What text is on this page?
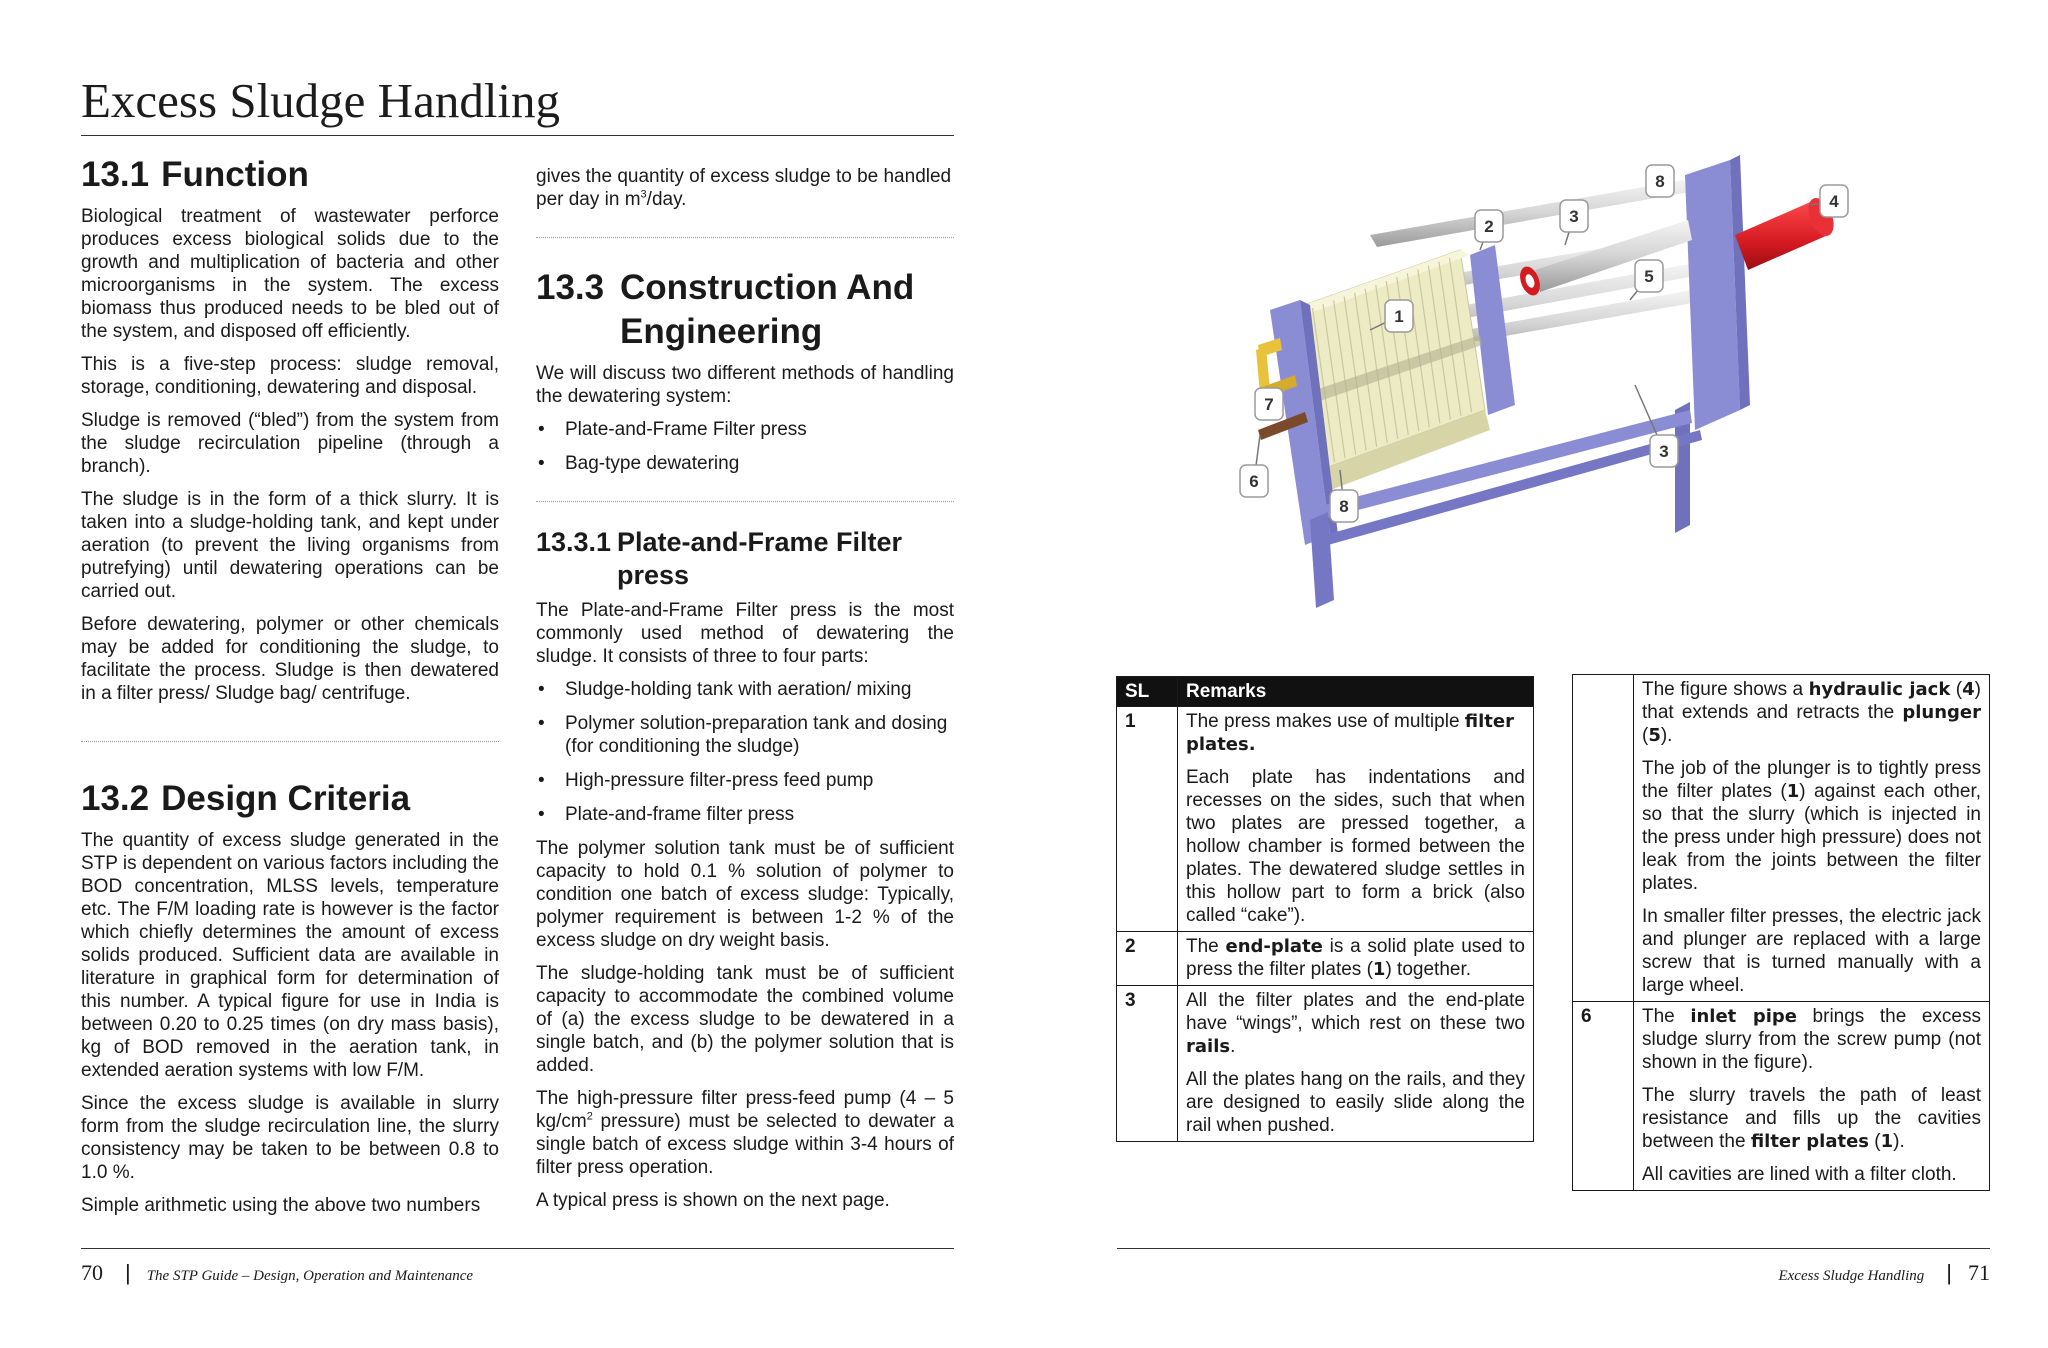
Excess Sludge Handling
13.1 Function

Biological treatment of wastewater perforce produces excess biological solids due to the growth and multiplication of bacteria and other microorganisms in the system. The excess biomass thus produced needs to be bled out of the system, and disposed off efficiently.

This is a five-step process: sludge removal, storage, conditioning, dewatering and disposal.

Sludge is removed (“bled”) from the system from the sludge recirculation pipeline (through a branch).

The sludge is in the form of a thick slurry. It is taken into a sludge-holding tank, and kept under aeration (to prevent the living organisms from putrefying) until dewatering operations can be carried out.

Before dewatering, polymer or other chemicals may be added for conditioning the sludge, to facilitate the process. Sludge is then dewatered in a filter press/ Sludge bag/ centrifuge.

13.2 Design Criteria

The quantity of excess sludge generated in the STP is dependent on various factors including the BOD concentration, MLSS levels, temperature etc. The F/M loading rate is however is the factor which chiefly determines the amount of excess solids produced. Sufficient data are available in literature in graphical form for determination of this number. A typical figure for use in India is between 0.20 to 0.25 times (on dry mass basis), kg of BOD removed in the aeration tank, in extended aeration systems with low F/M.

Since the excess sludge is available in slurry form from the sludge recirculation line, the slurry consistency may be taken to be between 0.8 to 1.0 %.

Simple arithmetic using the above two numbers

gives the quantity of excess sludge to be handled per day in $m^3$/day.

13.3 Construction And Engineering

We will discuss two different methods of handling the dewatering system:

• Plate-and-Frame Filter press
• Bag-type dewatering
13.3.1 Plate-and-Frame Filter press

The Plate-and-Frame Filter press is the most commonly used method of dewatering the sludge. It consists of three to four parts:

• Sludge-holding tank with aeration/ mixing
• Polymer solution-preparation tank and dosing (for conditioning the sludge)
• High-pressure filter-press feed pump
• Plate-and-frame filter press

The polymer solution tank must be of sufficient capacity to hold 0.1 % solution of polymer to condition one batch of excess sludge: Typically, polymer requirement is between 1-2 % of the excess sludge on dry weight basis.

The sludge-holding tank must be of sufficient capacity to accommodate the combined volume of (a) the excess sludge to be dewatered in a single batch, and (b) the polymer solution that is added.

The high-pressure filter press-feed pump (4 – 5 $kg/cm^2$ pressure) must be selected to dewater a single batch of excess sludge within 3-4 hours of filter press operation.

A typical press is shown on the next page.

1
2
3
3
4
5
6
7
8
8
SL	Remarks
1	The press makes use of multiple filter plates.

Each plate has indentations and recesses on the sides, such that when two plates are pressed together, a hollow chamber is formed between the plates. The dewatered sludge settles in this hollow part to form a brick (also called “cake”).

2	The end-plate is a solid plate used to press the filter plates (1) together.

3	All the filter plates and the end-plate have “wings”, which rest on these two rails.

All the plates hang on the rails, and they are designed to easily slide along the rail when pushed.

	The figure shows a hydraulic jack (4) that extends and retracts the plunger (5).

The job of the plunger is to tightly press the filter plates (1) against each other, so that the slurry (which is injected in the press under high pressure) does not leak from the joints between the filter plates.

In smaller filter presses, the electric jack and plunger are replaced with a large screw that is turned manually with a large wheel.

6	The inlet pipe brings the excess sludge slurry from the screw pump (not shown in the figure).

The slurry travels the path of least resistance and fills up the cavities between the filter plates (1).

All cavities are lined with a filter cloth.

70 | The STP Guide – Design, Operation and Maintenance	Excess Sludge Handling | 71
